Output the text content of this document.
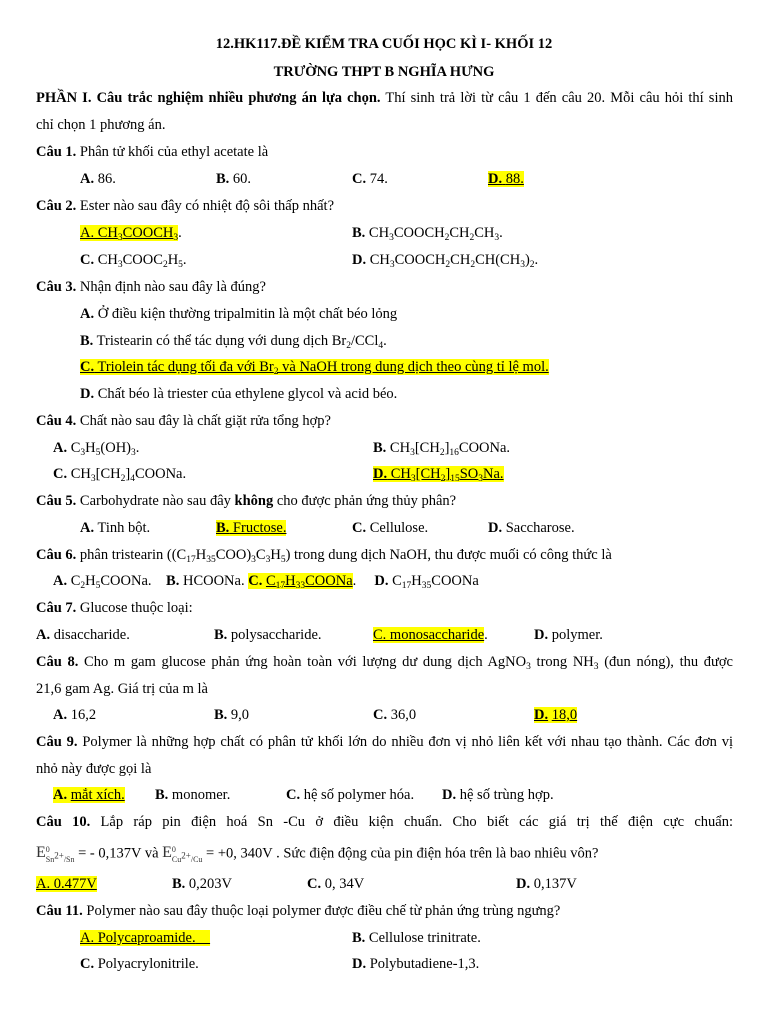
12.HK117.ĐỀ KIỂM TRA CUỐI HỌC KÌ I- KHỐI 12
TRƯỜNG THPT B NGHĨA HƯNG
PHẦN I. Câu trắc nghiệm nhiều phương án lựa chọn. Thí sinh trả lời từ câu 1 đến câu 20. Mỗi câu hỏi thí sinh
chỉ chọn 1 phương án.
Câu 1. Phân tử khối của ethyl acetate là
A. 86.	B. 60.	C. 74.	D. 88.
Câu 2. Ester nào sau đây có nhiệt độ sôi thấp nhất?
A. $CH_3COOCH_3$.	B. $CH_3COOCH_2CH_2CH_3$.
C. $CH_3COOC_2H_5$.	D. $CH_3COOCH_2CH_2CH(CH_3)_2$.
Câu 3. Nhận định nào sau đây là đúng?
A. Ở điều kiện thường tripalmitin là một chất béo lỏng
B. Tristearin có thể tác dụng với dung dịch $Br_2/CCl_4$.
C. Triolein tác dụng tối đa với $Br_2$ và NaOH trong dung dịch theo cùng tỉ lệ mol.
D. Chất béo là triester của ethylene glycol và acid béo.
Câu 4. Chất nào sau đây là chất giặt rửa tổng hợp?
A. $C_3H_5(OH)_3$.	B. $CH_3[CH_2]_{16}COONa$.
C. $CH_3[CH_2]_4COONa$.	D. $CH_3[CH_2]_{15}SO_3Na$.
Câu 5. Carbohydrate nào sau đây không cho được phản ứng thủy phân?
A. Tinh bột.	B. Fructose.	C. Cellulose.	D. Saccharose.
Câu 6. phân tristearin $((C_{17}H_{35}COO)_3C_3H_5)$ trong dung dịch NaOH, thu được muối có công thức là
A. $C_2H_5COONa$.    B. HCOONa. C. $C_{17}H_{33}COONa$.     D. $C_{17}H_{35}COONa$
Câu 7. Glucose thuộc loại:
A. disaccharide.	B. polysaccharide.	C. monosaccharide.	D. polymer.
Câu 8. Cho m gam glucose phản ứng hoàn toàn với lượng dư dung dịch AgNO$_3$ trong $NH_3$ (đun nóng), thu được
21,6 gam Ag. Giá trị của m là
A. 16,2	B. 9,0	C. 36,0	D. 18,0
Câu 9. Polymer là những hợp chất có phân tử khối lớn do nhiều đơn vị nhỏ liên kết với nhau tạo thành. Các đơn vị
nhỏ này được gọi là
A. mắt xích. B. monomer.	C. hệ số polymer hóa. D. hệ số trùng hợp.
Câu 10. Lắp ráp pin điện hoá Sn -Cu ở điều kiện chuẩn. Cho biết các giá trị thế điện cực chuẩn:
E0
$Sn^{2+}/Sn$ = - 0,137V và E0
$Cu^{2+}/Cu = +0$, 340V . Sức điện động của pin điện hóa trên là bao nhiêu vôn?
A. 0.477V	B. 0,203V	C. 0, 34V	D. 0,137V
Câu 11. Polymer nào sau đây thuộc loại polymer được điều chế từ phản ứng trùng ngưng?
A. Polycaproamide.	B. Cellulose trinitrate.
C. Polyacrylonitrile.	D. Polybutadiene-1,3.
